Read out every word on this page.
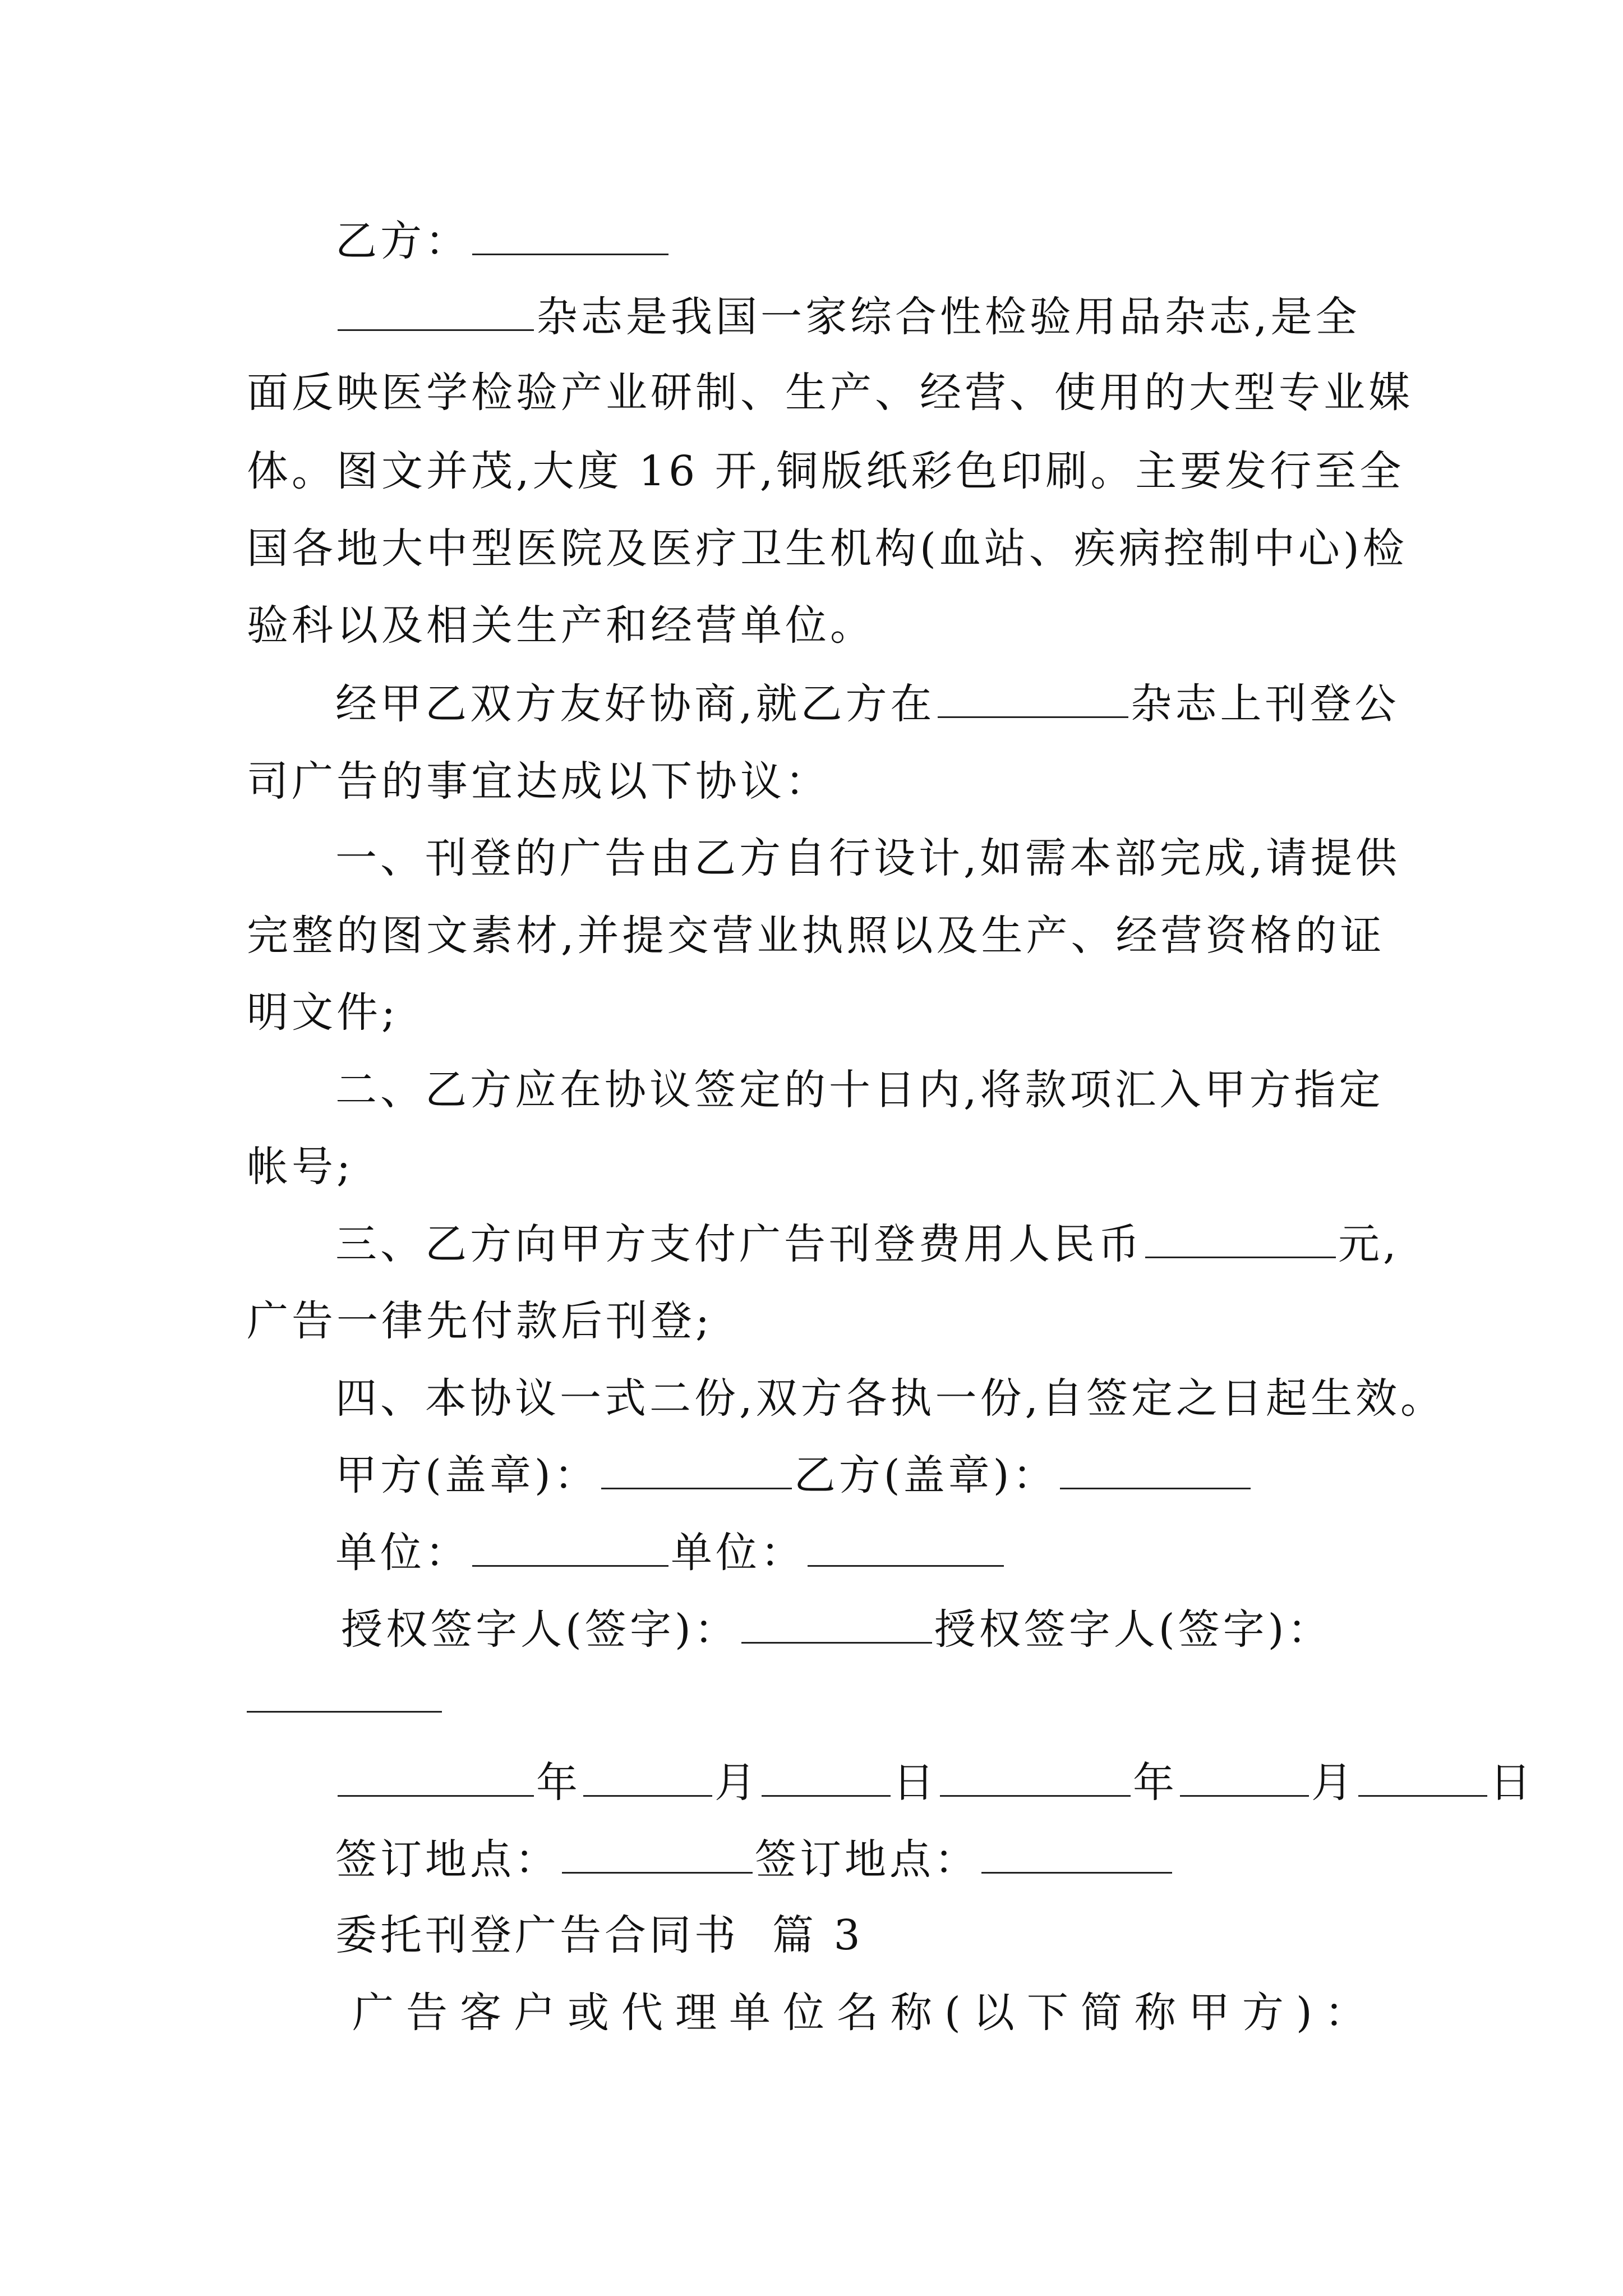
乙方：
杂志是我国一家综合性检验用品杂志,是全
面反映医学检验产业研制、生产、经营、使用的大型专业媒
体。图文并茂,大度 16 开,铜版纸彩色印刷。主要发行至全
国各地大中型医院及医疗卫生机构(血站、疾病控制中心)检
验科以及相关生产和经营单位。
经甲乙双方友好协商,就乙方在	杂志上刊登公
司广告的事宜达成以下协议：
一、刊登的广告由乙方自行设计,如需本部完成,请提供
完整的图文素材,并提交营业执照以及生产、经营资格的证
明文件;
二、乙方应在协议签定的十日内,将款项汇入甲方指定
帐号;
三、乙方向甲方支付广告刊登费用人民币	元,
广告一律先付款后刊登;
四、本协议一式二份,双方各执一份,自签定之日起生效。
甲方(盖章)：	乙方(盖章)：
单位：	单位：
授权签字人(签字)：	授权签字人(签字)：
年	月	日	年	月	日
签订地点：	签订地点：
委托刊登广告合同书  篇 3
广告客户或代理单位名称(以下简称甲方)：
